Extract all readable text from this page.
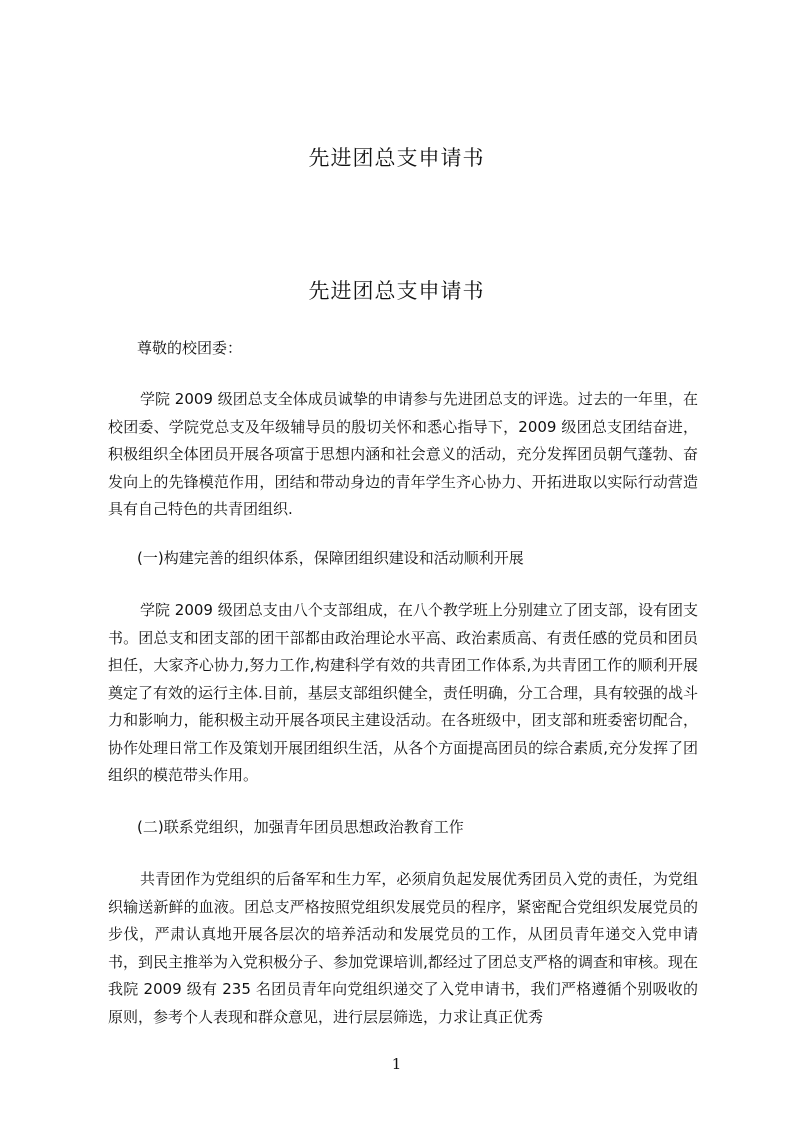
先进团总支申请书
先进团总支申请书

尊敬的校团委：

学院 2009 级团总支全体成员诚挚的申请参与先进团总支的评选。过去的一年里，在校团委、学院党总支及年级辅导员的殷切关怀和悉心指导下，2009 级团总支团结奋进，积极组织全体团员开展各项富于思想内涵和社会意义的活动，充分发挥团员朝气蓬勃、奋发向上的先锋模范作用，团结和带动身边的青年学生齐心协力、开拓进取以实际行动营造具有自己特色的共青团组织.

(一)构建完善的组织体系，保障团组织建设和活动顺利开展

学院 2009 级团总支由八个支部组成，在八个教学班上分别建立了团支部，设有团支书。团总支和团支部的团干部都由政治理论水平高、政治素质高、有责任感的党员和团员担任，大家齐心协力,努力工作,构建科学有效的共青团工作体系,为共青团工作的顺利开展奠定了有效的运行主体.目前，基层支部组织健全，责任明确，分工合理，具有较强的战斗力和影响力，能积极主动开展各项民主建设活动。在各班级中，团支部和班委密切配合，协作处理日常工作及策划开展团组织生活，从各个方面提高团员的综合素质,充分发挥了团组织的模范带头作用。

(二)联系党组织，加强青年团员思想政治教育工作

共青团作为党组织的后备军和生力军，必须肩负起发展优秀团员入党的责任，为党组织输送新鲜的血液。团总支严格按照党组织发展党员的程序，紧密配合党组织发展党员的步伐，严肃认真地开展各层次的培养活动和发展党员的工作，从团员青年递交入党申请书，到民主推举为入党积极分子、参加党课培训,都经过了团总支严格的调查和审核。现在我院 2009 级有 235 名团员青年向党组织递交了入党申请书，我们严格遵循个别吸收的原则，参考个人表现和群众意见，进行层层筛选，力求让真正优秀

1
